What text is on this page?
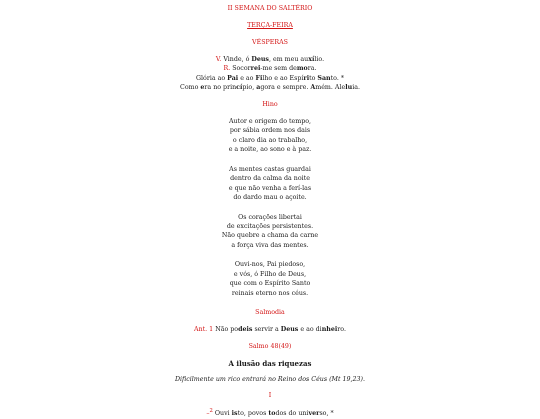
II SEMANA DO SALTÉRIO
TERÇA-FEIRA
VÉSPERAS
V. Vinde, ó Deus, em meu auxílio.
R. Socorrei-me sem demora.
Glória ao Pai e ao Filho e ao Espírito Santo. *
Como era no princípio, agora e sempre. Amém. Aleluia.
Hino
Autor e origem do tempo,
por sábia ordem nos dais
o claro dia ao trabalho,
e a noite, ao sono e à paz.
As mentes castas guardai
dentro da calma da noite
e que não venha a ferí-las
do dardo mau o açoite.
Os corações libertai
de excitações persistentes.
Não quebre a chama da carne
a força viva das mentes.
Ouvi-nos, Pai piedoso,
e vós, ó Filho de Deus,
que com o Espírito Santo
reinais eterno nos céus.
Salmodia
Ant. 1 Não podeis servir a Deus e ao dinheiro.
Salmo 48(49)
A ilusão das riquezas
Dificilmente um rico entrará no Reino dos Céus (Mt 19,23).
I
–$^2$ Ouvi isto, povos todos do universo, *
